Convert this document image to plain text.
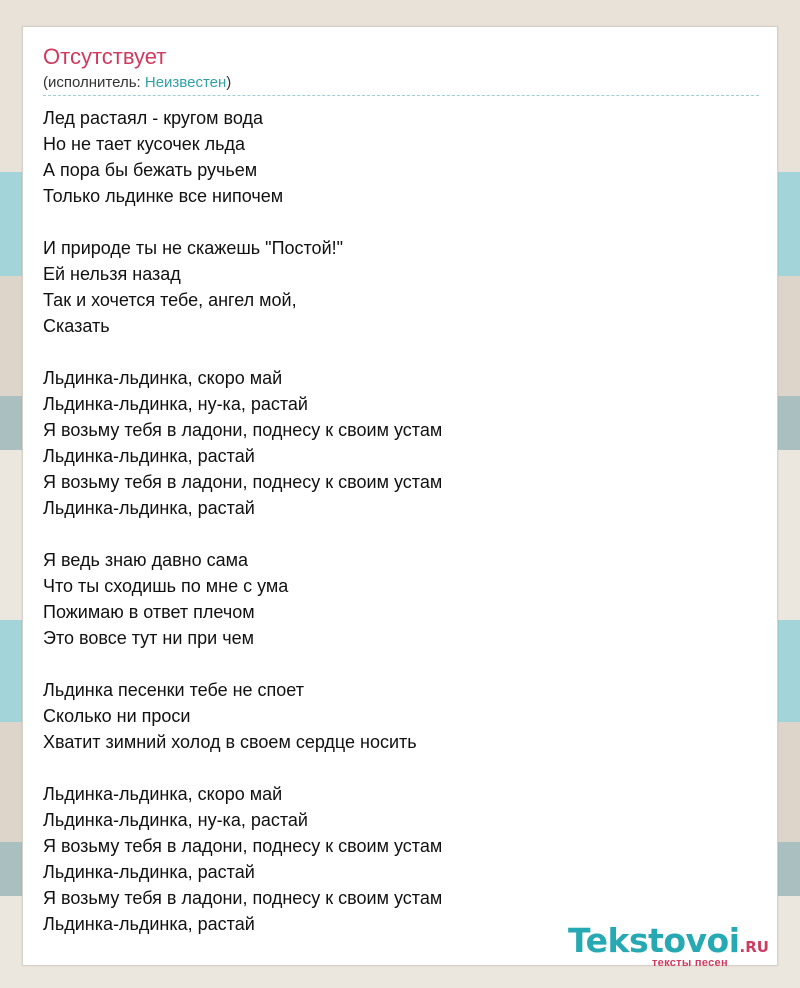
Отсутствует
(исполнитель: Неизвестен)
Лед растаял - кругом вода
Но не тает кусочек льда
А пора бы бежать ручьем
Только льдинке все нипочем
И природе ты не скажешь "Постой!"
Ей нельзя назад
Так и хочется тебе, ангел мой,
Сказать
Льдинка-льдинка, скоро май
Льдинка-льдинка, ну-ка, растай
Я возьму тебя в ладони, поднесу к своим устам
Льдинка-льдинка, растай
Я возьму тебя в ладони, поднесу к своим устам
Льдинка-льдинка, растай
Я ведь знаю давно сама
Что ты сходишь по мне с ума
Пожимаю в ответ плечом
Это вовсе тут ни при чем
Льдинка песенки тебе не споет
Сколько ни проси
Хватит зимний холод в своем сердце носить
Льдинка-льдинка, скоро май
Льдинка-льдинка, ну-ка, растай
Я возьму тебя в ладони, поднесу к своим устам
Льдинка-льдинка, растай
Я возьму тебя в ладони, поднесу к своим устам
Льдинка-льдинка, растай	Tekstovoi.RU
тексты песен
